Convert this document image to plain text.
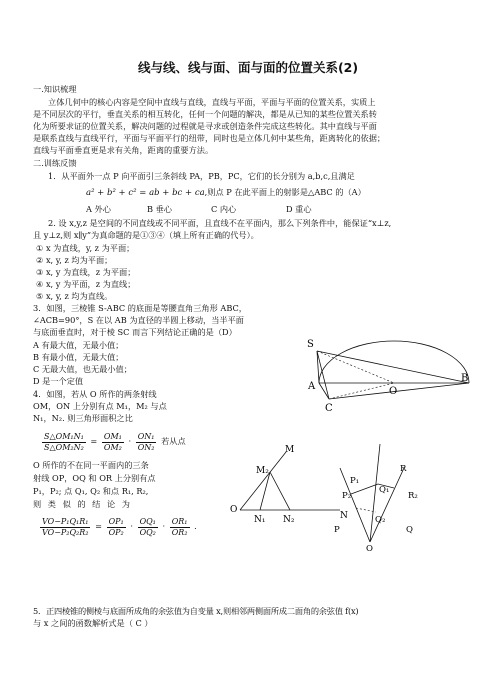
线与线、线与面、面与面的位置关系(2)
一.知识梳理
立体几何中的核心内容是空间中直线与直线，直线与平面，平面与平面的位置关系，实质上
是不同层次的平行，垂直关系的相互转化，任何一个问题的解决，都是从已知的某些位置关系转
化为所要求证的位置关系，解决问题的过程就是寻求或创造条件完成这些转化。其中直线与平面
是联系直线与直线平行，平面与平面平行的纽带，同时也是立体几何中某些角，距离转化的依据；
直线与平面垂直更是求有关角，距离的重要方法。
二.训练反馈
1．从平面外一点 P 向平面引三条斜线 PA，PB，PC，它们的长分别为 a,b,c,且满足
a² + b² + c² = ab + bc + ca,则点 P 在此平面上的射影是△ABC 的（A）
A 外心	B 垂心	C 内心	D 重心
2. 设 x,y,z 是空间的不同直线或不同平面，且直线不在平面内，那么下列条件中，能保证“x⊥z,
且 y⊥z,则 x∥y”为真命题的是①③④（填上所有正确的代号）。
① x 为直线，y, z 为平面；
② x, y, z 均为平面；
③ x, y 为直线，z 为平面；
④ x, y 为平面，z 为直线；
⑤ x, y, z 均为直线。
3．如图，三棱锥 S-ABC 的底面是等腰直角三角形 ABC，
∠ACB=90°，S 在以 AB 为直径的半圆上移动，当半平面
与底面垂直时，对于棱 SC 而言下列结论正确的是（D）
A 有最大值，无最小值；
B 有最小值，无最大值；
C 无最大值，也无最小值；
D 是一个定值
S
A	O
B
C
4．如图，若从 O 所作的两条射线
OM，ON 上分别有点 M₁，M₂ 与点
N₁，N₂. 则三角形面积之比
$\frac{\text{S△OM₁N₁}}{\text{S△OM₂N₂}} = \frac{\text{OM₁}}{\text{OM₂}} \cdot \frac{\text{ON₁}}{\text{ON₂}}$ 若从点
O 所作的不在同一平面内的三条
射线 OP，OQ 和 OR 上分别有点
P₁，P₂; 点 Q₁, Q₂ 和点 R₁, R₂,
则 类 似 的 结 论 为
$\frac{\text{VO−P₁Q₁R₁}}{\text{VO−P₂Q₂R₂}} = \frac{\text{OP₁}}{\text{OP₂}} \cdot \frac{\text{OQ₁}}{\text{OQ₂}} \cdot \frac{\text{OR₁}}{\text{OR₂}}$ .
M
M₂
O
N₁ N₂	N
P₁
P₂
Q₁
Q₂
R
R₂
P	Q
O
5．正四棱锥的侧棱与底面所成角的余弦值为自变量 x,则相邻两侧面所成二面角的余弦值 f(x)
与 x 之间的函数解析式是（ C ）
